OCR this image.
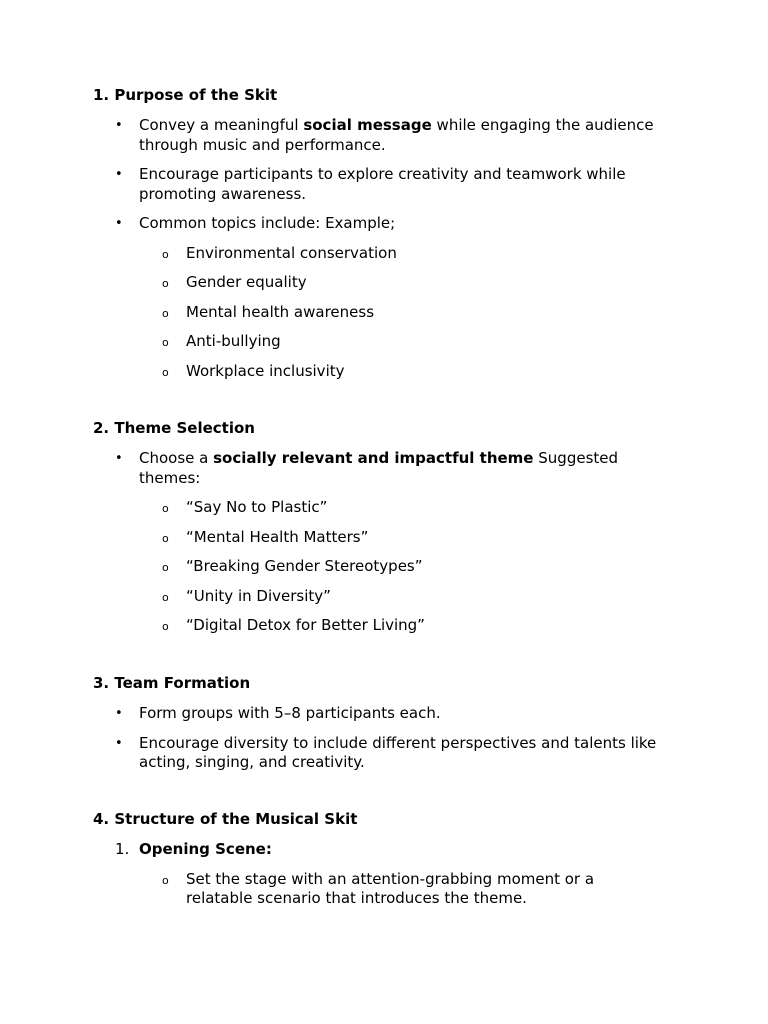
1. Purpose of the Skit

• Convey a meaningful social message while engaging the audience through music and performance.
• Encourage participants to explore creativity and teamwork while promoting awareness.
• Common topics include: Example;
o Environmental conservation
o Gender equality
o Mental health awareness
o Anti-bullying
o Workplace inclusivity

2. Theme Selection

• Choose a socially relevant and impactful theme Suggested themes:
o “Say No to Plastic”
o “Mental Health Matters”
o “Breaking Gender Stereotypes”
o “Unity in Diversity”
o “Digital Detox for Better Living”

3. Team Formation

• Form groups with 5–8 participants each.
• Encourage diversity to include different perspectives and talents like acting, singing, and creativity.

4. Structure of the Musical Skit

1. Opening Scene:
o Set the stage with an attention-grabbing moment or a relatable scenario that introduces the theme.
